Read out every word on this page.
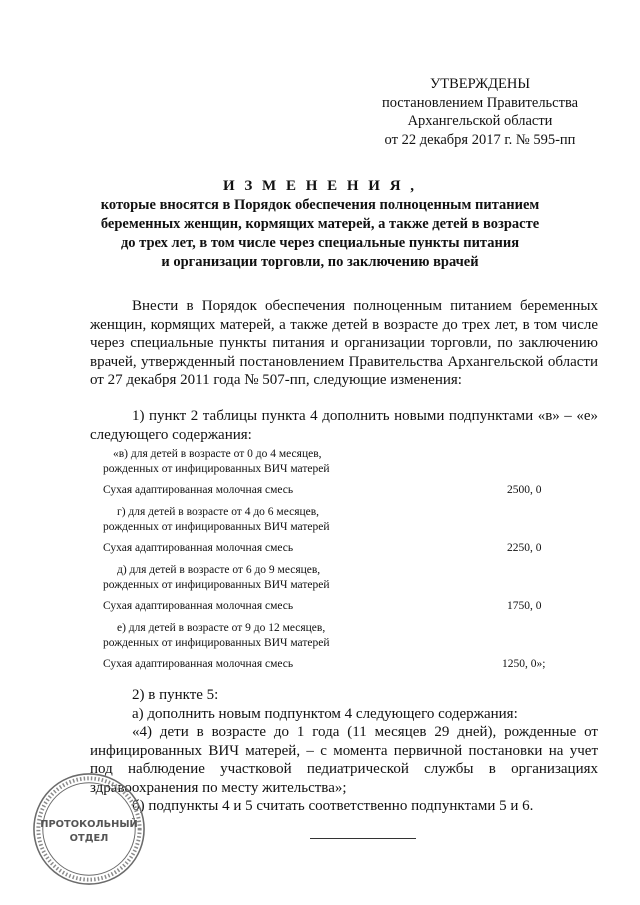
УТВЕРЖДЕНЫ
постановлением Правительства
Архангельской области
от 22 декабря 2017 г. № 595-пп
И З М Е Н Е Н И Я ,
которые вносятся в Порядок обеспечения полноценным питанием
беременных женщин, кормящих матерей, а также детей в возрасте
до трех лет, в том числе через специальные пункты питания
и организации торговли, по заключению врачей
Внести в Порядок обеспечения полноценным питанием беременных женщин, кормящих матерей, а также детей в возрасте до трех лет, в том числе через специальные пункты питания и организации торговли, по заключению врачей, утвержденный постановлением Правительства Архангельской области от 27 декабря 2011 года № 507-пп, следующие изменения:
1) пункт 2 таблицы пункта 4 дополнить новыми подпунктами «в» – «е» следующего содержания:
«в) для детей в возрасте от 0 до 4 месяцев,
рожденных от инфицированных ВИЧ матерей
Сухая адаптированная молочная смесь	2500, 0
г) для детей в возрасте от 4 до 6 месяцев,
рожденных от инфицированных ВИЧ матерей
Сухая адаптированная молочная смесь	2250, 0
д) для детей в возрасте от 6 до 9 месяцев,
рожденных от инфицированных ВИЧ матерей
Сухая адаптированная молочная смесь	1750, 0
е) для детей в возрасте от 9 до 12 месяцев,
рожденных от инфицированных ВИЧ матерей
Сухая адаптированная молочная смесь	1250, 0»;
2) в пункте 5:
а) дополнить новым подпунктом 4 следующего содержания:
«4) дети в возрасте до 1 года (11 месяцев 29 дней), рожденные от инфицированных ВИЧ матерей, – с момента первичной постановки на учет под наблюдение участковой педиатрической службы в организациях здравоохранения по месту жительства»;
б) подпункты 4 и 5 считать соответственно подпунктами 5 и 6.
ПРОТОКОЛЬНЫЙ
ОТДЕЛ
